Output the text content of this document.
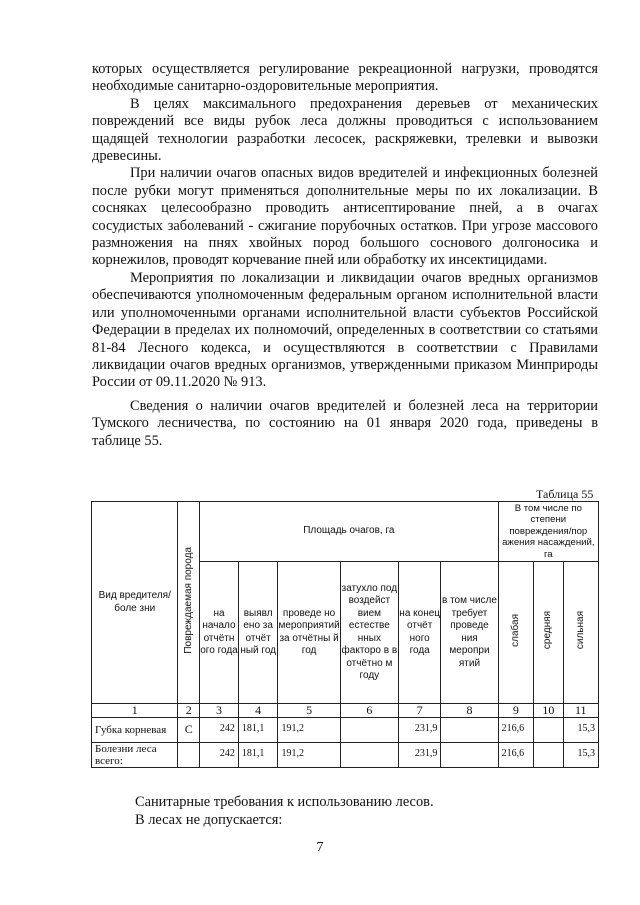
которых осуществляется регулирование рекреационной нагрузки, проводятся необходимые санитарно-оздоровительные мероприятия.

В целях максимального предохранения деревьев от механических повреждений все виды рубок леса должны проводиться с использованием щадящей технологии разработки лесосек, раскряжевки, трелевки и вывозки древесины.

При наличии очагов опасных видов вредителей и инфекционных болезней после рубки могут применяться дополнительные меры по их локализации. В сосняках целесообразно проводить антисептирование пней, а в очагах сосудистых заболеваний - сжигание порубочных остатков. При угрозе массового размножения на пнях хвойных пород большого соснового долгоносика и корнежилов, проводят корчевание пней или обработку их инсектицидами.

Мероприятия по локализации и ликвидации очагов вредных организмов обеспечиваются уполномоченным федеральным органом исполнительной власти или уполномоченными органами исполнительной власти субъектов Российской Федерации в пределах их полномочий, определенных в соответствии со статьями 81-84 Лесного кодекса, и осуществляются в соответствии с Правилами ликвидации очагов вредных организмов, утвержденными приказом Минприроды России от 09.11.2020 № 913.

Сведения о наличии очагов вредителей и болезней леса на территории Тумского лесничества, по состоянию на 01 января 2020 года, приведены в таблице 55.

Таблица 55
Вид вредителя/боле зни	Повреждаемая порода	Площадь очагов, га						В том числе по степени повреждения/пор ажения насаждений, га		
		на начало отчётн ого года	выявл ено за отчёт ный год	проведе но мероприятий за отчётны й год	затухло под воздейст вием естестве нных факторо в в отчётно м году	на конец отчёт ного года	в том числе требует проведе ния меропри ятий	слабая	средняя	сильная
1	2	3	4	5	6	7	8	9	10	11
Губка корневая	С	242	181,1	191,2		231,9		216,6		15,3
Болезни леса всего:		242	181,1	191,2		231,9		216,6		15,3
Санитарные требования к использованию лесов.
В лесах не допускается:
7
